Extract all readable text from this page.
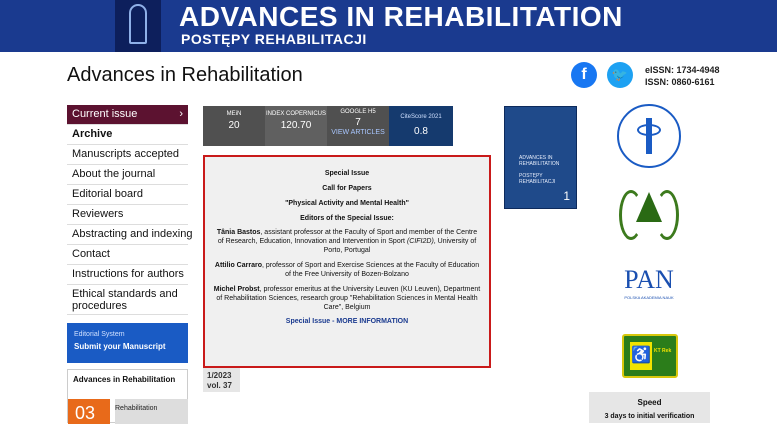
ADVANCES IN REHABILITATION
POSTĘPY REHABILITACJI
Advances in Rehabilitation	f	🐦	eISSN: 1734-4948
ISSN: 0860-6161
Current issue	›
Archive
Manuscripts accepted
About the journal
Editorial board
Reviewers
Abstracting and indexing
Contact
Instructions for authors
Ethical standards and procedures
Editorial System
Submit your Manuscript
Advances in Rehabilitation
03	Rehabilitation
MEiN
20
INDEX COPERNICUS
120.70
GOOGLE H5
7
VIEW ARTICLES
CiteScore 2021
0.8
Special Issue
Call for Papers
"Physical Activity and Mental Health"
Editors of the Special Issue:
Tânia Bastos, assistant professor at the Faculty of Sport and member of the Centre of Research, Education, Innovation and Intervention in Sport (CIFI2D), University of Porto, Portugal
Attilio Carraro, professor of Sport and Exercise Sciences at the Faculty of Education of the Free University of Bozen-Bolzano
Michel Probst, professor emeritus at the University Leuven (KU Leuven), Department of Rehabilitation Sciences, research group "Rehabilitation Sciences in Mental Health Care", Belgium
Special Issue - MORE INFORMATION
1/2023
vol. 37
ADVANCES IN
REHABILITATION

POSTĘPY
REHABILITACJI
1
PAN
POLSKA AKADEMIA NAUK
♿ KT Rek
Speed
3 days to initial verification
